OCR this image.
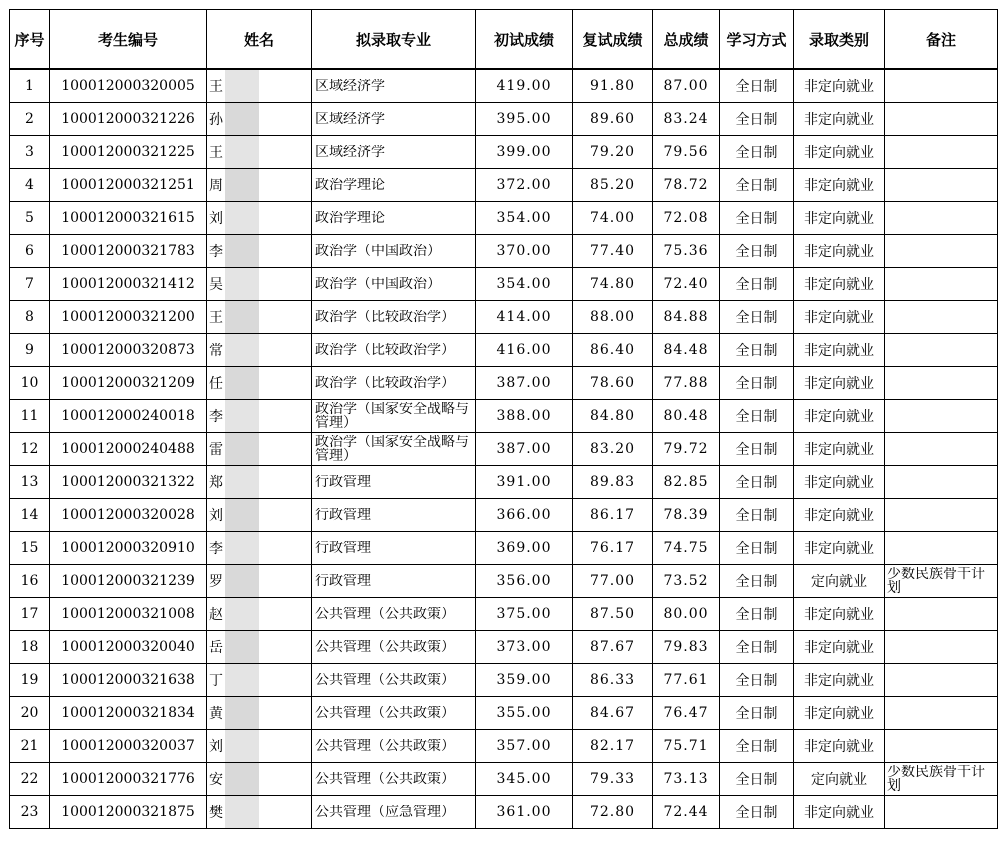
序号	考生编号	姓名	拟录取专业	初试成绩	复试成绩	总成绩	学习方式	录取类别	备注
1	100012000320005	王	区域经济学	419.00	91.80	87.00	全日制	非定向就业	

2	100012000321226	孙	区域经济学	395.00	89.60	83.24	全日制	非定向就业	

3	100012000321225	王	区域经济学	399.00	79.20	79.56	全日制	非定向就业	

4	100012000321251	周	政治学理论	372.00	85.20	78.72	全日制	非定向就业	

5	100012000321615	刘	政治学理论	354.00	74.00	72.08	全日制	非定向就业	

6	100012000321783	李	政治学（中国政治）	370.00	77.40	75.36	全日制	非定向就业	

7	100012000321412	吴	政治学（中国政治）	354.00	74.80	72.40	全日制	非定向就业	

8	100012000321200	王	政治学（比较政治学）	414.00	88.00	84.88	全日制	非定向就业	

9	100012000320873	常	政治学（比较政治学）	416.00	86.40	84.48	全日制	非定向就业	

10	100012000321209	任	政治学（比较政治学）	387.00	78.60	77.88	全日制	非定向就业	

11	100012000240018	李	政治学（国家安全战略与管理）	388.00	84.80	80.48	全日制	非定向就业	

12	100012000240488	雷	政治学（国家安全战略与管理）	387.00	83.20	79.72	全日制	非定向就业	

13	100012000321322	郑	行政管理	391.00	89.83	82.85	全日制	非定向就业	

14	100012000320028	刘	行政管理	366.00	86.17	78.39	全日制	非定向就业	

15	100012000320910	李	行政管理	369.00	76.17	74.75	全日制	非定向就业	

16	100012000321239	罗	行政管理	356.00	77.00	73.52	全日制	定向就业	少数民族骨干计划

17	100012000321008	赵	公共管理（公共政策）	375.00	87.50	80.00	全日制	非定向就业	

18	100012000320040	岳	公共管理（公共政策）	373.00	87.67	79.83	全日制	非定向就业	

19	100012000321638	丁	公共管理（公共政策）	359.00	86.33	77.61	全日制	非定向就业	

20	100012000321834	黄	公共管理（公共政策）	355.00	84.67	76.47	全日制	非定向就业	

21	100012000320037	刘	公共管理（公共政策）	357.00	82.17	75.71	全日制	非定向就业	

22	100012000321776	安	公共管理（公共政策）	345.00	79.33	73.13	全日制	定向就业	少数民族骨干计划

23	100012000321875	樊	公共管理（应急管理）	361.00	72.80	72.44	全日制	非定向就业	
